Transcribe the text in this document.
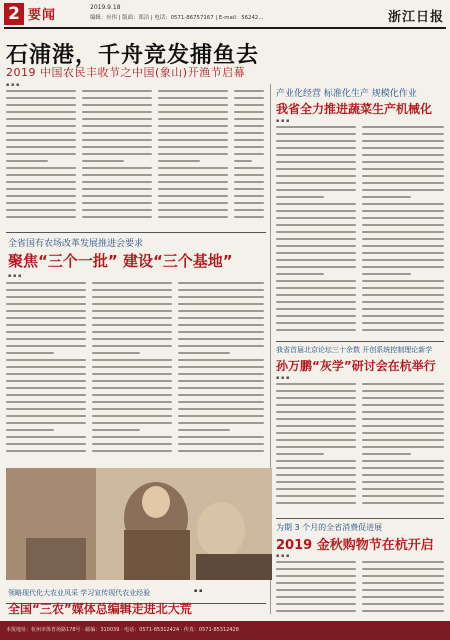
2 要闻
2019.9.18
编辑：应伟 | 版面：郑洁 | 电话：0571-86757167 | E-mail：56242...	浙江日报
石浦港，千舟竞发捕鱼去
2019 中国农民丰收节之中国(象山)开渔节启幕
▪ ▪ ▪
全省国有农场改革发展推进会要求
聚焦“三个一批” 建设“三个基地”
▪ ▪ ▪
▪ ▪
产业化经营 标准化生产 规模化作业
我省全力推进蔬菜生产机械化
▪ ▪ ▪
我省首届北京论坛三十余数 开创系统控制理论新学
孙万鹏“灰学”研讨会在杭举行
▪ ▪ ▪
为期 3 个月的全省消费促进展
2019 金秋购物节在杭开启
▪ ▪ ▪
本报地址：杭州市体育场路178号 · 邮编：310039 · 电话：0571-85312424 · 传真：0571-85312428
领略现代化大农业风采 学习宣传现代农业经验
全国“三农”媒体总编辑走进北大荒
